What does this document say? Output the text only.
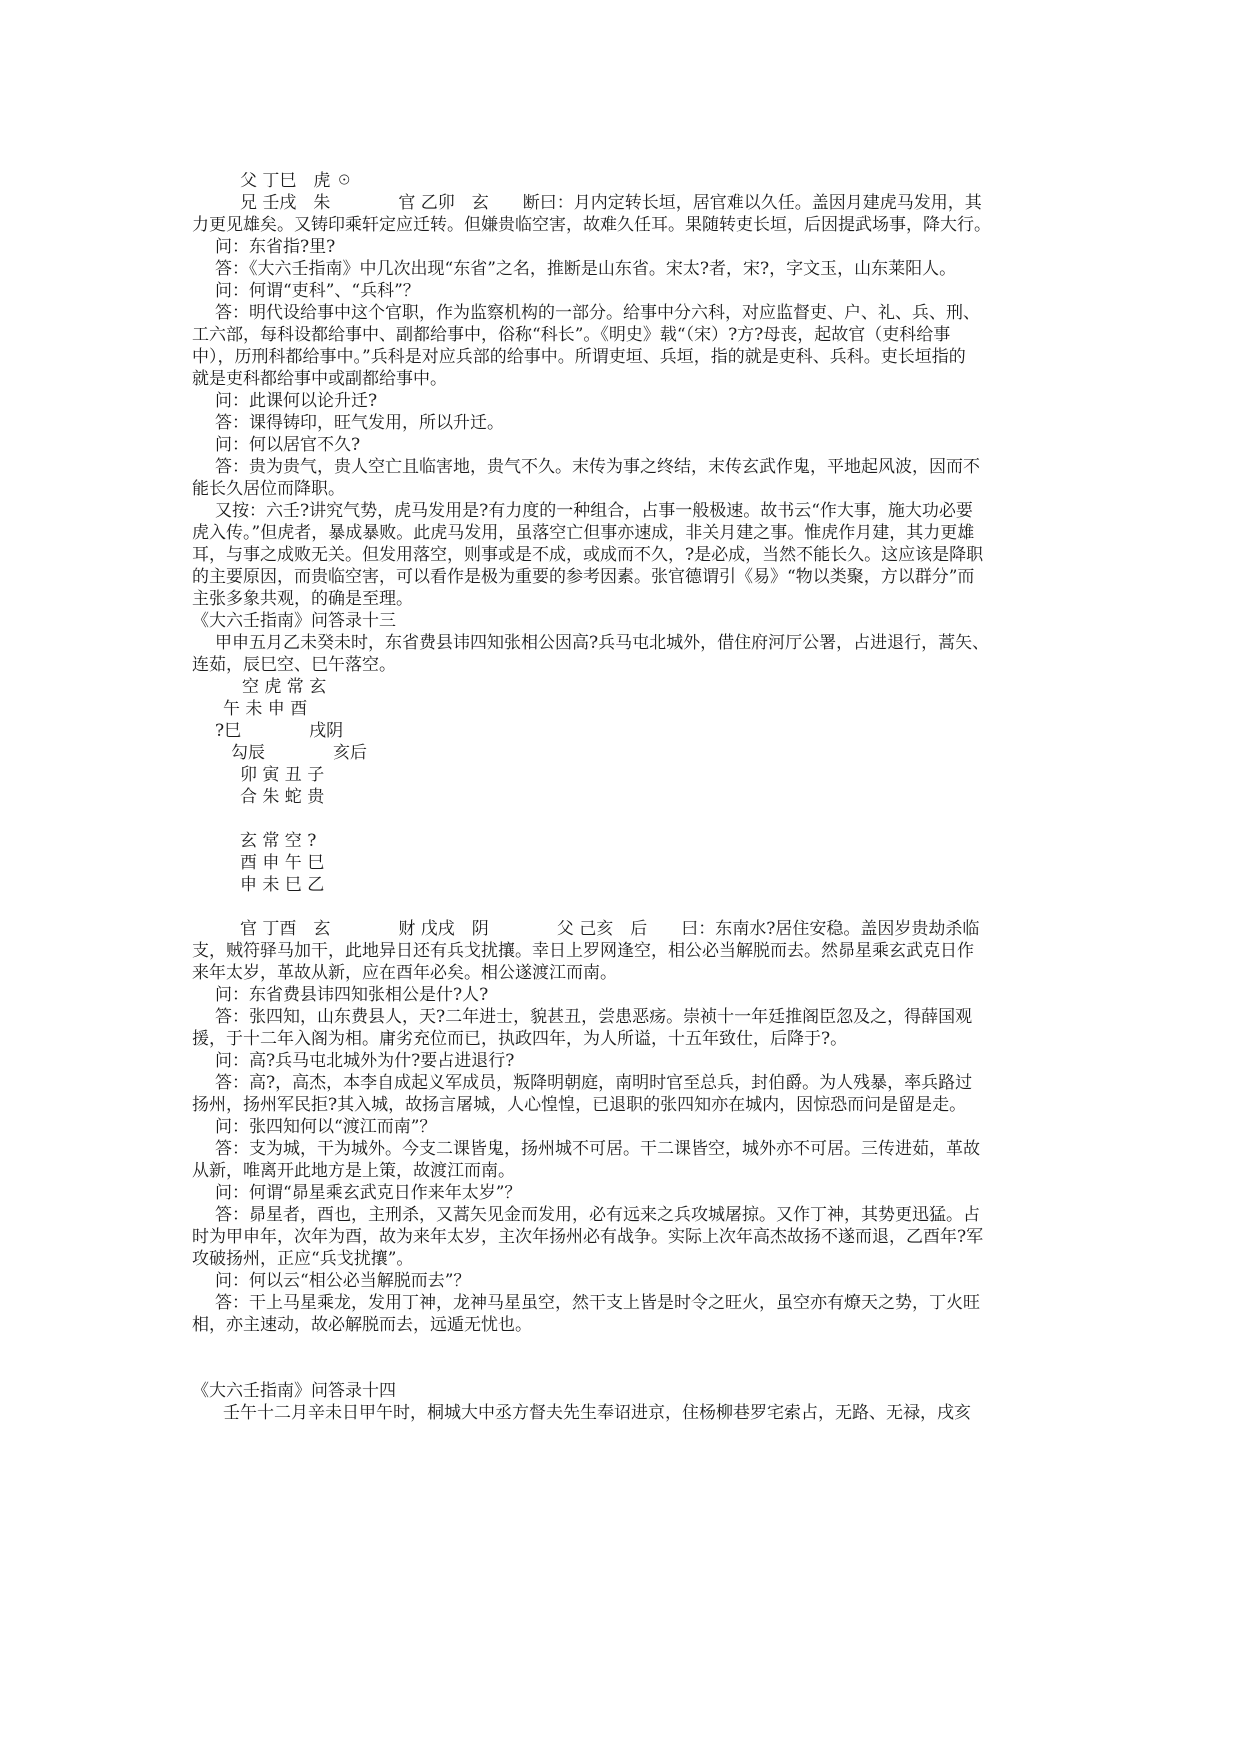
父 丁巳　虎 ☉
兄 壬戌　朱　　　　官 乙卯　玄　　断曰：月内定转长垣，居官难以久任。盖因月建虎马发用，其
力更见雄矣。又铸印乘轩定应迁转。但嫌贵临空害，故难久任耳。果随转吏长垣，后因提武场事，降大行。
问：东省指?里?
答：《大六壬指南》中几次出现“东省”之名，推断是山东省。宋太?者，宋?，字文玉，山东莱阳人。
问：何谓“吏科”、“兵科”？
答：明代设给事中这个官职，作为监察机构的一部分。给事中分六科，对应监督吏、户、礼、兵、刑、
工六部，每科设都给事中、副都给事中，俗称“科长”。《明史》载“（宋）?方?母丧，起故官（吏科给事
中），历刑科都给事中。”兵科是对应兵部的给事中。所谓吏垣、兵垣，指的就是吏科、兵科。吏长垣指的
就是吏科都给事中或副都给事中。
问：此课何以论升迁?
答：课得铸印，旺气发用，所以升迁。
问：何以居官不久?
答：贵为贵气，贵人空亡且临害地，贵气不久。末传为事之终结，末传玄武作鬼，平地起风波，因而不
能长久居位而降职。
又按：六壬?讲究气势，虎马发用是?有力度的一种组合，占事一般极速。故书云“作大事，施大功必要
虎入传。”但虎者，暴成暴败。此虎马发用，虽落空亡但事亦速成，非关月建之事。惟虎作月建，其力更雄
耳，与事之成败无关。但发用落空，则事或是不成，或成而不久，?是必成，当然不能长久。这应该是降职
的主要原因，而贵临空害，可以看作是极为重要的参考因素。张官德谓引《易》“物以类聚，方以群分”而
主张多象共观，的确是至理。
《大六壬指南》问答录十三
甲申五月乙未癸未时，东省费县讳四知张相公因高?兵马屯北城外，借住府河厅公署，占进退行，蒿矢、
连茹，辰巳空、巳午落空。
空 虎 常 玄
午 未 申 酉
?巳　　　　戌阴
勾辰　　　　亥后
卯 寅 丑 子
合 朱 蛇 贵
玄 常 空 ?
酉 申 午 巳
申 未 巳 乙
官 丁酉　玄　　　　财 戊戌　阴　　　　父 己亥　后　　曰：东南水?居住安稳。盖因岁贵劫杀临
支，贼符驿马加干，此地异日还有兵戈扰攘。幸日上罗网逢空，相公必当解脱而去。然昴星乘玄武克日作
来年太岁，革故从新，应在酉年必矣。相公遂渡江而南。
问：东省费县讳四知张相公是什?人?
答：张四知，山东费县人，天?二年进士，貌甚丑，尝患恶疡。崇祯十一年廷推阁臣忽及之，得薛国观
援，于十二年入阁为相。庸劣充位而已，执政四年，为人所谥，十五年致仕，后降于?。
问：高?兵马屯北城外为什?要占进退行?
答：高?，高杰，本李自成起义军成员，叛降明朝庭，南明时官至总兵，封伯爵。为人残暴，率兵路过
扬州，扬州军民拒?其入城，故扬言屠城，人心惶惶，已退职的张四知亦在城内，因惊恐而问是留是走。
问：张四知何以“渡江而南”？
答：支为城，干为城外。今支二课皆鬼，扬州城不可居。干二课皆空，城外亦不可居。三传进茹，革故
从新，唯离开此地方是上策，故渡江而南。
问：何谓“昴星乘玄武克日作来年太岁”？
答：昴星者，酉也，主刑杀，又蒿矢见金而发用，必有远来之兵攻城屠掠。又作丁神，其势更迅猛。占
时为甲申年，次年为酉，故为来年太岁，主次年扬州必有战争。实际上次年高杰故扬不遂而退，乙酉年?军
攻破扬州，正应“兵戈扰攘”。
问：何以云“相公必当解脱而去”？
答：干上马星乘龙，发用丁神，龙神马星虽空，然干支上皆是时令之旺火，虽空亦有燎天之势，丁火旺
相，亦主速动，故必解脱而去，远遁无忧也。
《大六壬指南》问答录十四
壬午十二月辛未日甲午时，桐城大中丞方督夫先生奉诏进京，住杨柳巷罗宅索占，无路、无禄，戌亥
